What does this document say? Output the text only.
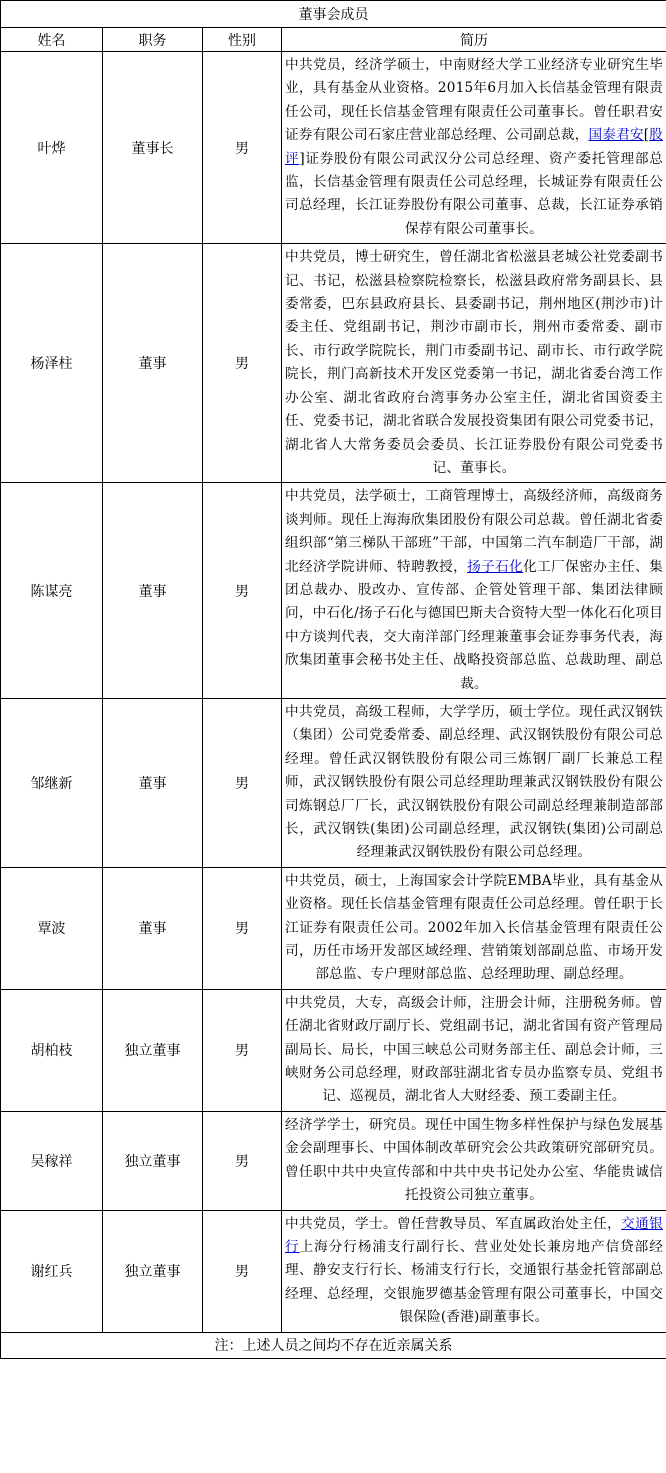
董事会成员			
姓名	职务	性别	简历
叶烨	董事长	男	中共党员，经济学硕士，中南财经大学工业经济专业研究生毕业，具有基金从业资格。2015年6月加入长信基金管理有限责任公司，现任长信基金管理有限责任公司董事长。曾任职君安证券有限公司石家庄营业部总经理、公司副总裁，国泰君安[股评]证券股份有限公司武汉分公司总经理、资产委托管理部总监，长信基金管理有限责任公司总经理，长城证券有限责任公司总经理，长江证券股份有限公司董事、总裁，长江证券承销保荐有限公司董事长。
杨泽柱	董事	男	中共党员，博士研究生，曾任湖北省松滋县老城公社党委副书记、书记，松滋县检察院检察长，松滋县政府常务副县长、县委常委，巴东县政府县长、县委副书记，荆州地区(荆沙市)计委主任、党组副书记，荆沙市副市长，荆州市委常委、副市长、市行政学院院长，荆门市委副书记、副市长、市行政学院院长，荆门高新技术开发区党委第一书记，湖北省委台湾工作办公室、湖北省政府台湾事务办公室主任，湖北省国资委主任、党委书记，湖北省联合发展投资集团有限公司党委书记，湖北省人大常务委员会委员、长江证券股份有限公司党委书记、董事长。
陈谋亮	董事	男	中共党员，法学硕士，工商管理博士，高级经济师，高级商务谈判师。现任上海海欣集团股份有限公司总裁。曾任湖北省委组织部“第三梯队干部班”干部，中国第二汽车制造厂干部，湖北经济学院讲师、特聘教授，扬子石化化工厂保密办主任、集团总裁办、股改办、宣传部、企管处管理干部、集团法律顾问，中石化/扬子石化与德国巴斯夫合资特大型一体化石化项目中方谈判代表，交大南洋部门经理兼董事会证券事务代表，海欣集团董事会秘书处主任、战略投资部总监、总裁助理、副总裁。
邹继新	董事	男	中共党员，高级工程师，大学学历，硕士学位。现任武汉钢铁（集团）公司党委常委、副总经理、武汉钢铁股份有限公司总经理。曾任武汉钢铁股份有限公司三炼钢厂副厂长兼总工程师，武汉钢铁股份有限公司总经理助理兼武汉钢铁股份有限公司炼钢总厂厂长，武汉钢铁股份有限公司副总经理兼制造部部长，武汉钢铁(集团)公司副总经理，武汉钢铁(集团)公司副总经理兼武汉钢铁股份有限公司总经理。
覃波	董事	男	中共党员，硕士，上海国家会计学院EMBA毕业，具有基金从业资格。现任长信基金管理有限责任公司总经理。曾任职于长江证券有限责任公司。2002年加入长信基金管理有限责任公司，历任市场开发部区域经理、营销策划部副总监、市场开发部总监、专户理财部总监、总经理助理、副总经理。
胡柏枝	独立董事	男	中共党员，大专，高级会计师，注册会计师，注册税务师。曾任湖北省财政厅副厅长、党组副书记，湖北省国有资产管理局副局长、局长，中国三峡总公司财务部主任、副总会计师，三峡财务公司总经理，财政部驻湖北省专员办监察专员、党组书记、巡视员，湖北省人大财经委、预工委副主任。
吴稼祥	独立董事	男	经济学学士，研究员。现任中国生物多样性保护与绿色发展基金会副理事长、中国体制改革研究会公共政策研究部研究员。曾任职中共中央宣传部和中共中央书记处办公室、华能贵诚信托投资公司独立董事。
谢红兵	独立董事	男	中共党员，学士。曾任营教导员、军直属政治处主任，交通银行上海分行杨浦支行副行长、营业处处长兼房地产信贷部经理、静安支行行长、杨浦支行行长，交通银行基金托管部副总经理、总经理，交银施罗德基金管理有限公司董事长，中国交银保险(香港)副董事长。
注：上述人员之间均不存在近亲属关系			
